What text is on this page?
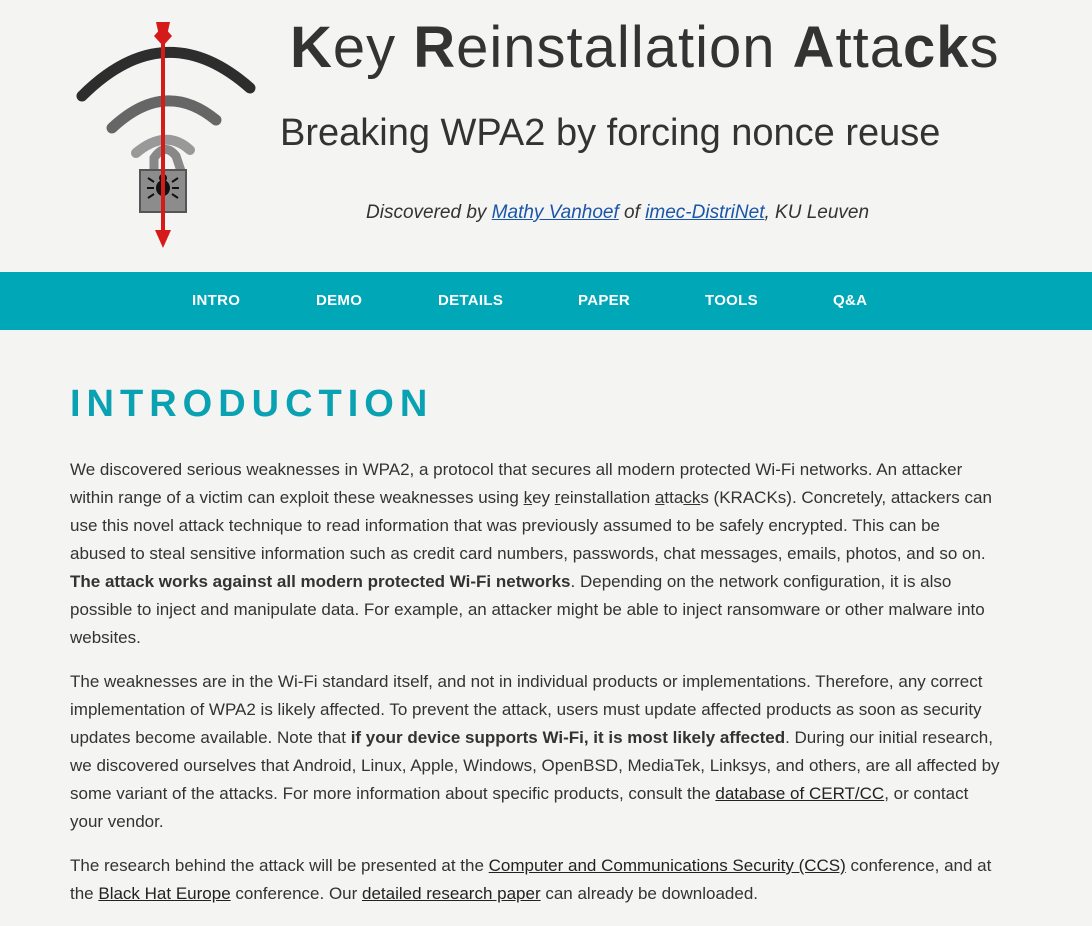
Key Reinstallation Attacks
Breaking WPA2 by forcing nonce reuse
Discovered by Mathy Vanhoef of imec-DistriNet, KU Leuven
INTRO	DEMO	DETAILS	PAPER	TOOLS	Q&A
INTRODUCTION

We discovered serious weaknesses in WPA2, a protocol that secures all modern protected Wi-Fi networks. An attacker within range of a victim can exploit these weaknesses using key reinstallation attacks (KRACKs). Concretely, attackers can use this novel attack technique to read information that was previously assumed to be safely encrypted. This can be abused to steal sensitive information such as credit card numbers, passwords, chat messages, emails, photos, and so on. The attack works against all modern protected Wi-Fi networks. Depending on the network configuration, it is also possible to inject and manipulate data. For example, an attacker might be able to inject ransomware or other malware into websites.

The weaknesses are in the Wi-Fi standard itself, and not in individual products or implementations. Therefore, any correct implementation of WPA2 is likely affected. To prevent the attack, users must update affected products as soon as security updates become available. Note that if your device supports Wi-Fi, it is most likely affected. During our initial research, we discovered ourselves that Android, Linux, Apple, Windows, OpenBSD, MediaTek, Linksys, and others, are all affected by some variant of the attacks. For more information about specific products, consult the database of CERT/CC, or contact your vendor.

The research behind the attack will be presented at the Computer and Communications Security (CCS) conference, and at the Black Hat Europe conference. Our detailed research paper can already be downloaded.
